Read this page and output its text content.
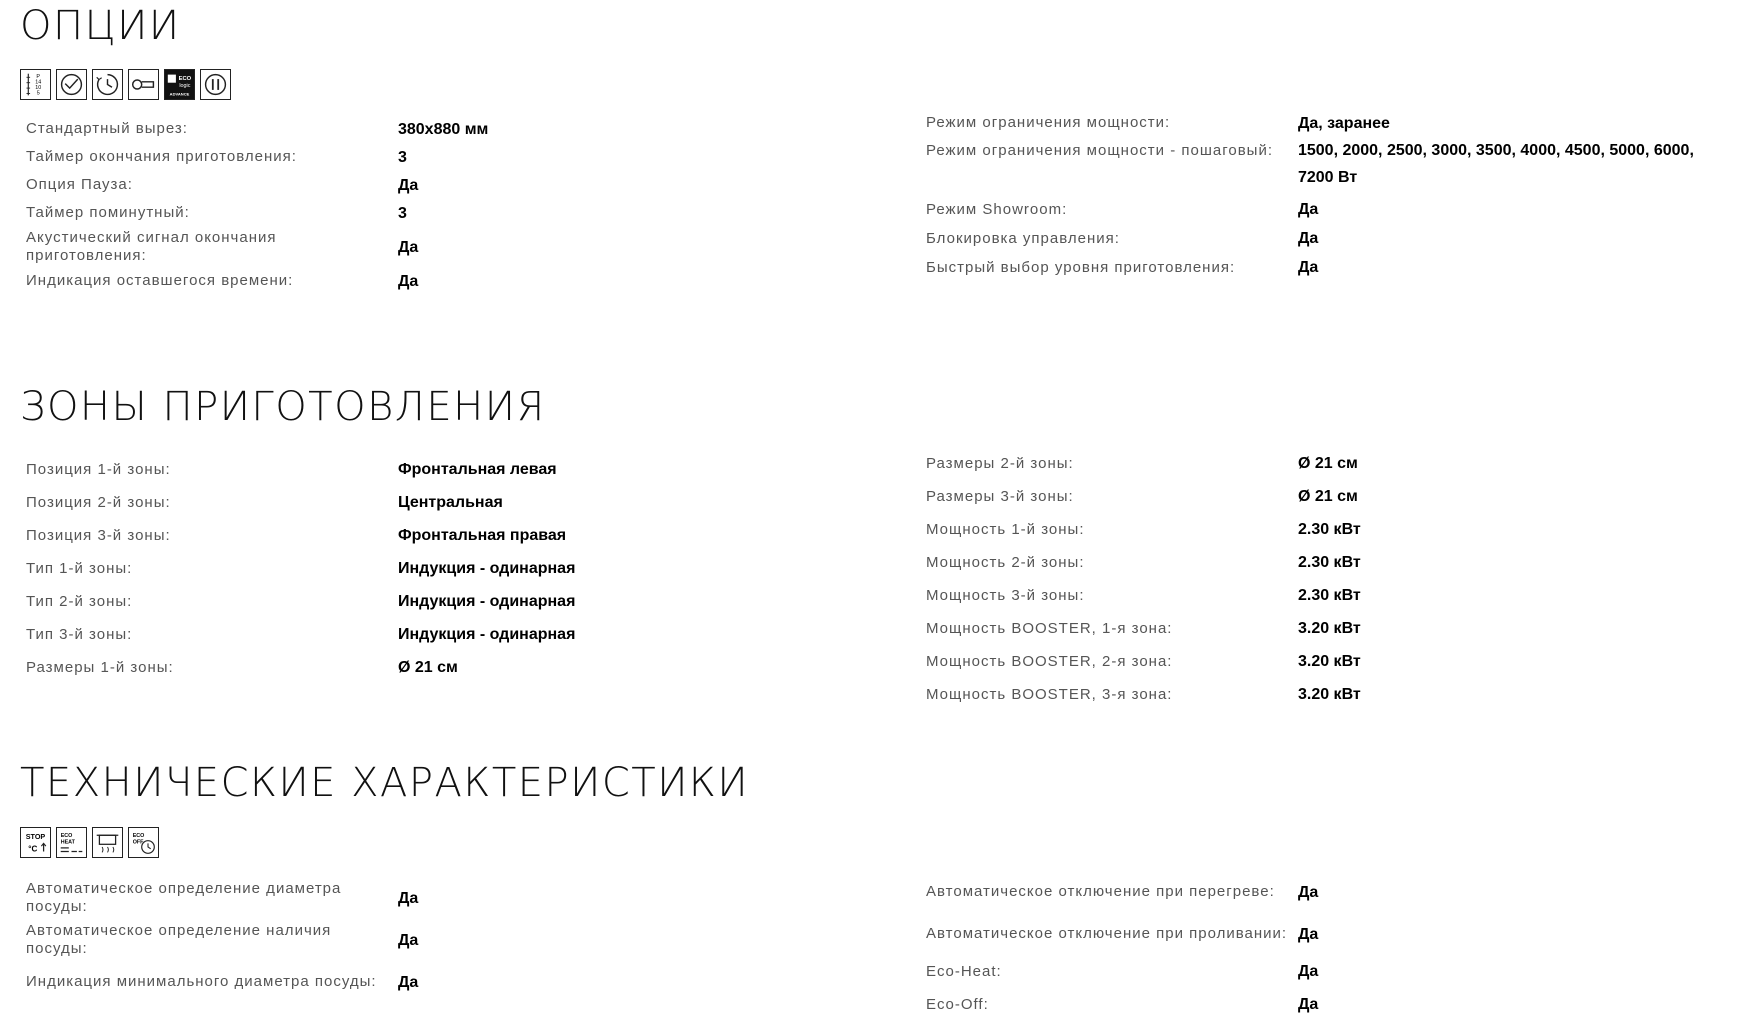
ОПЦИИ
P
14
10
5
ECO
logic
ADVANCE
Стандартный вырез:	380x880 мм
Таймер окончания приготовления:	3
Опция Пауза:	Да
Таймер поминутный:	3
Акустический сигнал окончания приготовления:	Да
Индикация оставшегося времени:	Да
Режим ограничения мощности:	Да, заранее
Режим ограничения мощности - пошаговый:	1500, 2000, 2500, 3000, 3500, 4000, 4500, 5000, 6000, 7200 Вт
Режим Showroom:	Да
Блокировка управления:	Да
Быстрый выбор уровня приготовления:	Да
ЗОНЫ ПРИГОТОВЛЕНИЯ
Позиция 1-й зоны:	Фронтальная левая
Позиция 2-й зоны:	Центральная
Позиция 3-й зоны:	Фронтальная правая
Тип 1-й зоны:	Индукция - одинарная
Тип 2-й зоны:	Индукция - одинарная
Тип 3-й зоны:	Индукция - одинарная
Размеры 1-й зоны:	Ø 21 см
Размеры 2-й зоны:	Ø 21 см
Размеры 3-й зоны:	Ø 21 см
Мощность 1-й зоны:	2.30 кВт
Мощность 2-й зоны:	2.30 кВт
Мощность 3-й зоны:	2.30 кВт
Мощность BOOSTER, 1-я зона:	3.20 кВт
Мощность BOOSTER, 2-я зона:	3.20 кВт
Мощность BOOSTER, 3-я зона:	3.20 кВт
ТЕХНИЧЕСКИЕ ХАРАКТЕРИСТИКИ
STOP
°C
ECO
HEAT
ECO
OFF
Автоматическое определение диаметра посуды:	Да
Автоматическое определение наличия посуды:	Да
Индикация минимального диаметра посуды:	Да
Автоматическое отключение при перегреве:	Да
Автоматическое отключение при проливании: Да
Eco-Heat:	Да
Eco-Off:	Да
